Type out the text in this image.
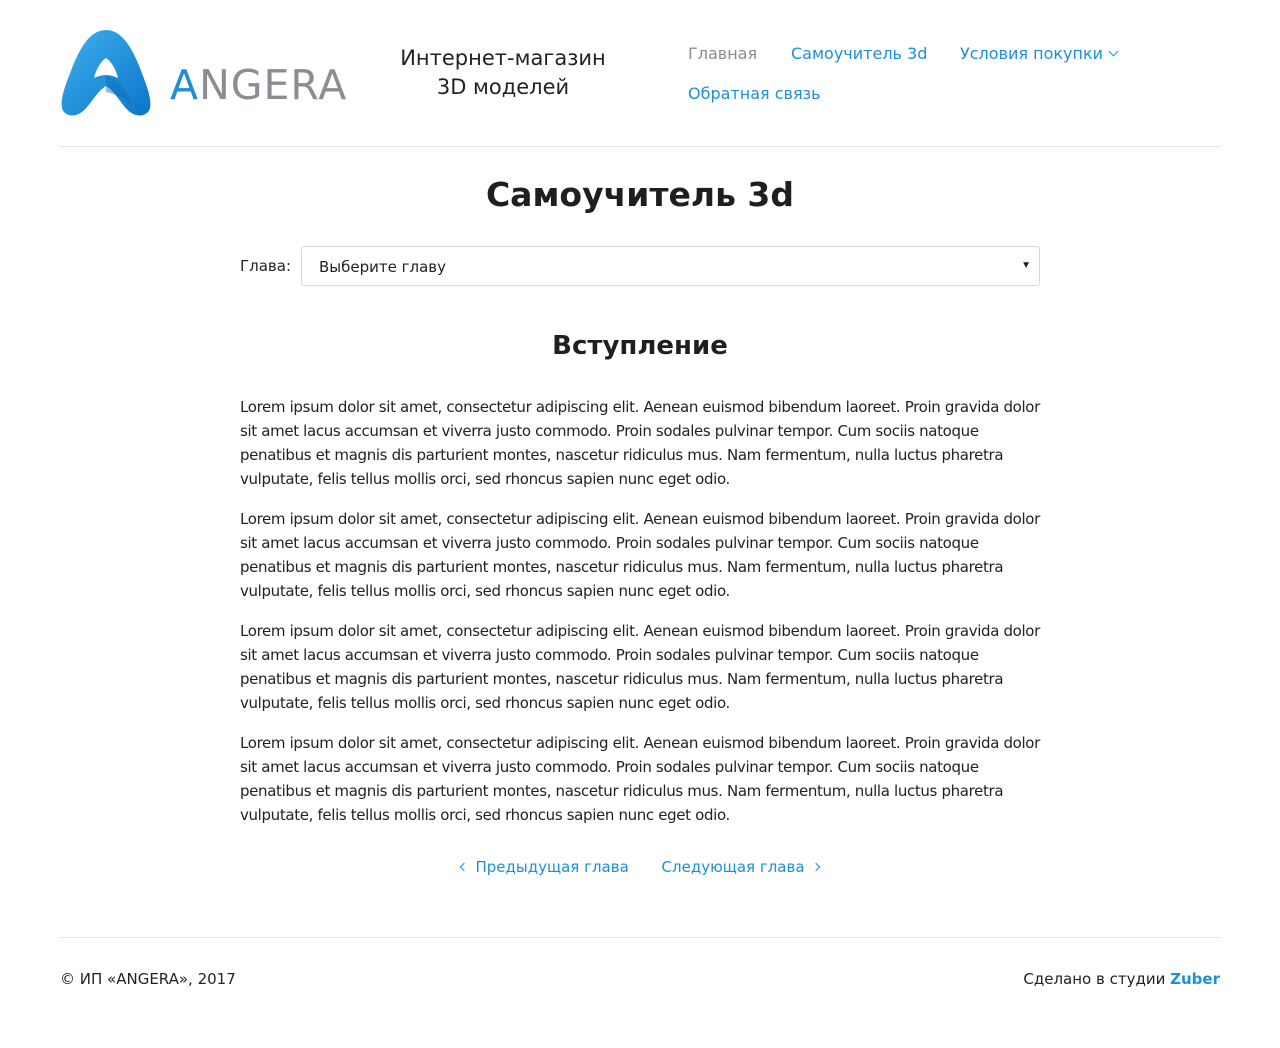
ANGERA
Интернет-магазин
3D моделей
Главная Самоучитель 3d Условия покупки
Обратная связь
Самоучитель 3d
Глава: Выберите главу	▼
Вступление

Lorem ipsum dolor sit amet, consectetur adipiscing elit. Aenean euismod bibendum laoreet. Proin gravida dolor sit amet lacus accumsan et viverra justo commodo. Proin sodales pulvinar tempor. Cum sociis natoque penatibus et magnis dis parturient montes, nascetur ridiculus mus. Nam fermentum, nulla luctus pharetra vulputate, felis tellus mollis orci, sed rhoncus sapien nunc eget odio.

Lorem ipsum dolor sit amet, consectetur adipiscing elit. Aenean euismod bibendum laoreet. Proin gravida dolor sit amet lacus accumsan et viverra justo commodo. Proin sodales pulvinar tempor. Cum sociis natoque penatibus et magnis dis parturient montes, nascetur ridiculus mus. Nam fermentum, nulla luctus pharetra vulputate, felis tellus mollis orci, sed rhoncus sapien nunc eget odio.

Lorem ipsum dolor sit amet, consectetur adipiscing elit. Aenean euismod bibendum laoreet. Proin gravida dolor sit amet lacus accumsan et viverra justo commodo. Proin sodales pulvinar tempor. Cum sociis natoque penatibus et magnis dis parturient montes, nascetur ridiculus mus. Nam fermentum, nulla luctus pharetra vulputate, felis tellus mollis orci, sed rhoncus sapien nunc eget odio.

Lorem ipsum dolor sit amet, consectetur adipiscing elit. Aenean euismod bibendum laoreet. Proin gravida dolor sit amet lacus accumsan et viverra justo commodo. Proin sodales pulvinar tempor. Cum sociis natoque penatibus et magnis dis parturient montes, nascetur ridiculus mus. Nam fermentum, nulla luctus pharetra vulputate, felis tellus mollis orci, sed rhoncus sapien nunc eget odio.

Предыдущая глава Следующая глава
© ИП «ANGERA», 2017	Сделано в студии Zuber
